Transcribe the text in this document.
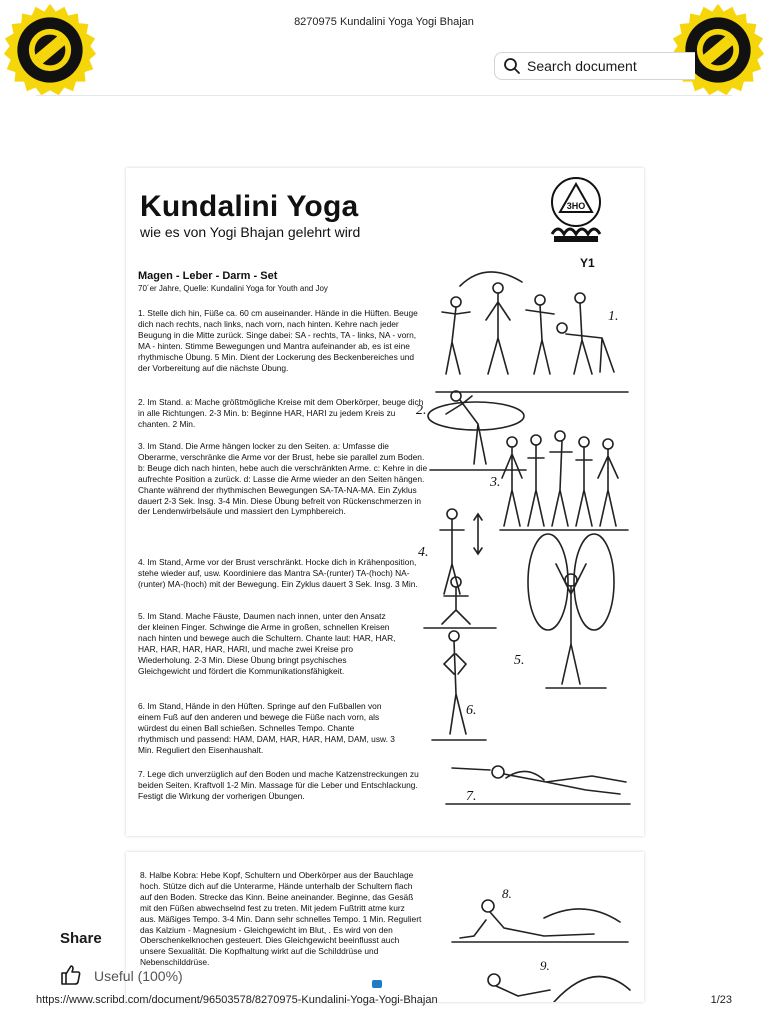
8270975 Kundalini Yoga Yogi Bhajan
Search document
Kundalini Yoga
wie es von Yogi Bhajan gelehrt wird
3HO
Y1
Magen - Leber - Darm - Set
70´er Jahre, Quelle: Kundalini Yoga for Youth and Joy
1. Stelle dich hin, Füße ca. 60 cm auseinander. Hände in die Hüften. Beuge dich nach rechts, nach links, nach vorn, nach hinten. Kehre nach jeder Beugung in die Mitte zurück. Singe dabei: SA - rechts, TA - links, NA - vorn, MA - hinten. Stimme Bewegungen und Mantra aufeinander ab, es ist eine rhythmische Übung. 5 Min. Dient der Lockerung des Beckenbereiches und der Vorbereitung auf die nächste Übung.
2. Im Stand. a: Mache größtmögliche Kreise mit dem Oberkörper, beuge dich in alle Richtungen. 2-3 Min. b: Beginne HAR, HARI zu jedem Kreis zu chanten. 2 Min.
3. Im Stand. Die Arme hängen locker zu den Seiten. a: Umfasse die Oberarme, verschränke die Arme vor der Brust, hebe sie parallel zum Boden. b: Beuge dich nach hinten, hebe auch die verschränkten Arme. c: Kehre in die aufrechte Position a zurück. d: Lasse die Arme wieder an den Seiten hängen. Chante während der rhythmischen Bewegungen SA-TA-NA-MA. Ein Zyklus dauert 2-3 Sek. Insg. 3-4 Min. Diese Übung befreit von Rückenschmerzen in der Lendenwirbelsäule und massiert den Lymphbereich.
4. Im Stand, Arme vor der Brust verschränkt. Hocke dich in Krähenposition, stehe wieder auf, usw. Koordiniere das Mantra SA-(runter) TA-(hoch) NA-(runter) MA-(hoch) mit der Bewegung. Ein Zyklus dauert 3 Sek. Insg. 3 Min.
5. Im Stand. Mache Fäuste, Daumen nach innen, unter den Ansatz der kleinen Finger. Schwinge die Arme in großen, schnellen Kreisen nach hinten und bewege auch die Schultern. Chante laut: HAR, HAR, HAR, HAR, HAR, HAR, HARI, und mache zwei Kreise pro Wiederholung. 2-3 Min. Diese Übung bringt psychisches Gleichgewicht und fördert die Kommunikationsfähigkeit.
6. Im Stand, Hände in den Hüften. Springe auf den Fußballen von einem Fuß auf den anderen und bewege die Füße nach vorn, als würdest du einen Ball schießen. Schnelles Tempo. Chante rhythmisch und passend: HAM, DAM, HAR, HAR, HAM, DAM, usw. 3 Min. Reguliert den Eisenhaushalt.
7. Lege dich unverzüglich auf den Boden und mache Katzenstreckungen zu beiden Seiten. Kraftvoll 1-2 Min. Massage für die Leber und Entschlackung. Festigt die Wirkung der vorherigen Übungen.
1.
2.
3.
4.
5.
6.
7.
8. Halbe Kobra: Hebe Kopf, Schultern und Oberkörper aus der Bauchlage hoch. Stütze dich auf die Unterarme, Hände unterhalb der Schultern flach auf den Boden. Strecke das Kinn. Beine aneinander. Beginne, das Gesäß mit den Füßen abwechselnd fest zu treten. Mit jedem Fußtritt atme kurz aus. Mäßiges Tempo. 3-4 Min. Dann sehr schnelles Tempo. 1 Min. Reguliert das Kalzium - Magnesium - Gleichgewicht im Blut, . Es wird von den Oberschenkelknochen gesteuert. Dies Gleichgewicht beeinflusst auch unsere Sexualität. Die Kopfhaltung wirkt auf die Schilddrüse und Nebenschilddrüse.
8.
9.
Share
Useful (100%)
https://www.scribd.com/document/96503578/8270975-Kundalini-Yoga-Yogi-Bhajan	1/23
